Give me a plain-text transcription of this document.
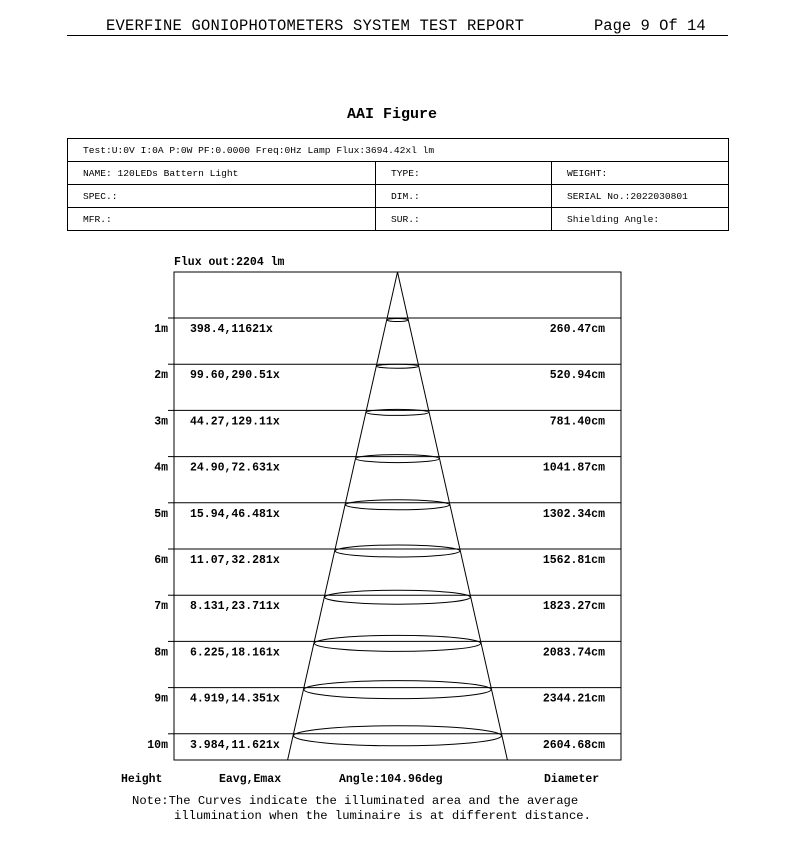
EVERFINE GONIOPHOTOMETERS SYSTEM TEST REPORT	Page 9 Of 14
AAI Figure
Test:U:0V I:0A P:0W PF:0.0000 Freq:0Hz Lamp Flux:3694.42xl lm		
NAME: 120LEDs Battern Light	TYPE:	WEIGHT:
SPEC.:	DIM.:	SERIAL No.:2022030801
MFR.:	SUR.:	Shielding Angle:
Flux out:2204 lm
1m 398.4,11621x	260.47cm
2m 99.60,290.51x	520.94cm
3m 44.27,129.11x	781.40cm
4m 24.90,72.631x	1041.87cm
5m 15.94,46.481x	1302.34cm
6m 11.07,32.281x	1562.81cm
7m 8.131,23.711x	1823.27cm
8m 6.225,18.161x	2083.74cm
9m 4.919,14.351x	2344.21cm
10m 3.984,11.621x	2604.68cm
Height	Eavg,Emax	Angle:104.96deg	Diameter
Note:The Curves indicate the illuminated area and the average
illumination when the luminaire is at different distance.
